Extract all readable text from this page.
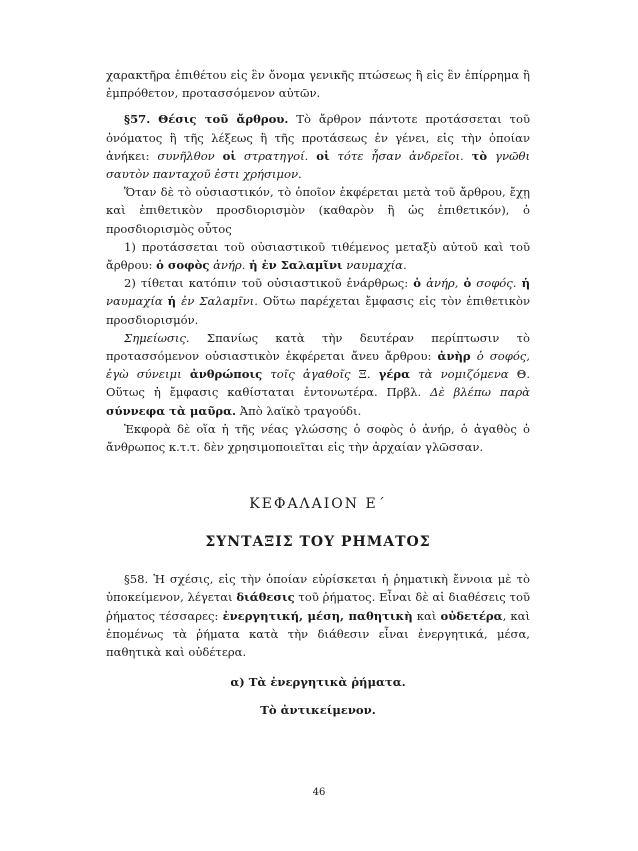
χαρακτῆρα ἐπιθέτου εἰς ἓν ὄνομα γενικῆς πτώσεως ἢ εἰς ἓν ἐπίρρημα ἢ ἐμπρόθετον, προτασσόμενον αὐτῶν.

§57. Θέσις τοῦ ἄρθρου. Τὸ ἄρθρον πάντοτε προτάσσεται τοῦ ὀνόματος ἢ τῆς λέξεως ἢ τῆς προτάσεως ἐν γένει, εἰς τὴν ὁποίαν ἀνήκει: συνῆλθον οἱ στρατηγοί. οἱ τότε ἦσαν ἀνδρεῖοι. τὸ γνῶθι σαυτὸν πανταχοῦ ἐστι χρήσιμον.

Ὅταν δὲ τὸ οὐσιαστικόν, τὸ ὁποῖον ἐκφέρεται μετὰ τοῦ ἄρθρου, ἔχῃ καὶ ἐπιθετικὸν προσδιορισμὸν (καθαρὸν ἢ ὡς ἐπιθετικόν), ὁ προσδιορισμὸς οὗτος

1) προτάσσεται τοῦ οὐσιαστικοῦ τιθέμενος μεταξὺ αὐτοῦ καὶ τοῦ ἄρθρου: ὁ σοφὸς ἀνήρ. ἡ ἐν Σαλαμῖνι ναυμαχία.

2) τίθεται κατόπιν τοῦ οὐσιαστικοῦ ἐνάρθρως: ὁ ἀνήρ, ὁ σοφός. ἡ ναυμαχία ἡ ἐν Σαλαμῖνι. Οὕτω παρέχεται ἔμφασις εἰς τὸν ἐπιθετικὸν προσδιορισμόν.

Σημείωσις. Σπανίως κατὰ τὴν δευτέραν περίπτωσιν τὸ προτασσόμενον οὐσιαστικὸν ἐκφέρεται ἄνευ ἄρθρου: ἀνὴρ ὁ σοφός, ἐγὼ σύνειμι ἀνθρώποις τοῖς ἀγαθοῖς Ξ. γέρα τὰ νομιζόμενα Θ. Οὕτως ἡ ἔμφασις καθίσταται ἐντονωτέρα. Πρβλ. Δὲ βλέπω παρὰ σύννεφα τὰ μαῦρα. Ἀπὸ λαϊκὸ τραγούδι.

Ἐκφορὰ δὲ οἵα ἡ τῆς νέας γλώσσης ὁ σοφὸς ὁ ἀνήρ, ὁ ἀγαθὸς ὁ ἄνθρωπος κ.τ.τ. δὲν χρησιμοποιεῖται εἰς τὴν ἀρχαίαν γλῶσσαν.

ΚΕΦΑΛΑΙΟΝ Ε΄
ΣΥΝΤΑΞΙΣ ΤΟΥ ΡΗΜΑΤΟΣ

§58. Ἡ σχέσις, εἰς τὴν ὁποίαν εὑρίσκεται ἡ ῥηματικὴ ἔννοια μὲ τὸ ὑποκείμενον, λέγεται διάθεσις τοῦ ῥήματος. Εἶναι δὲ αἱ διαθέσεις τοῦ ῥήματος τέσσαρες: ἐνεργητική, μέση, παθητικὴ καὶ οὐδετέρα, καὶ ἑπομένως τὰ ῥήματα κατὰ τὴν διάθεσιν εἶναι ἐνεργητικά, μέσα, παθητικὰ καὶ οὐδέτερα.

α) Τὰ ἐνεργητικὰ ῥήματα.
Τὸ ἀντικείμενον.
46
